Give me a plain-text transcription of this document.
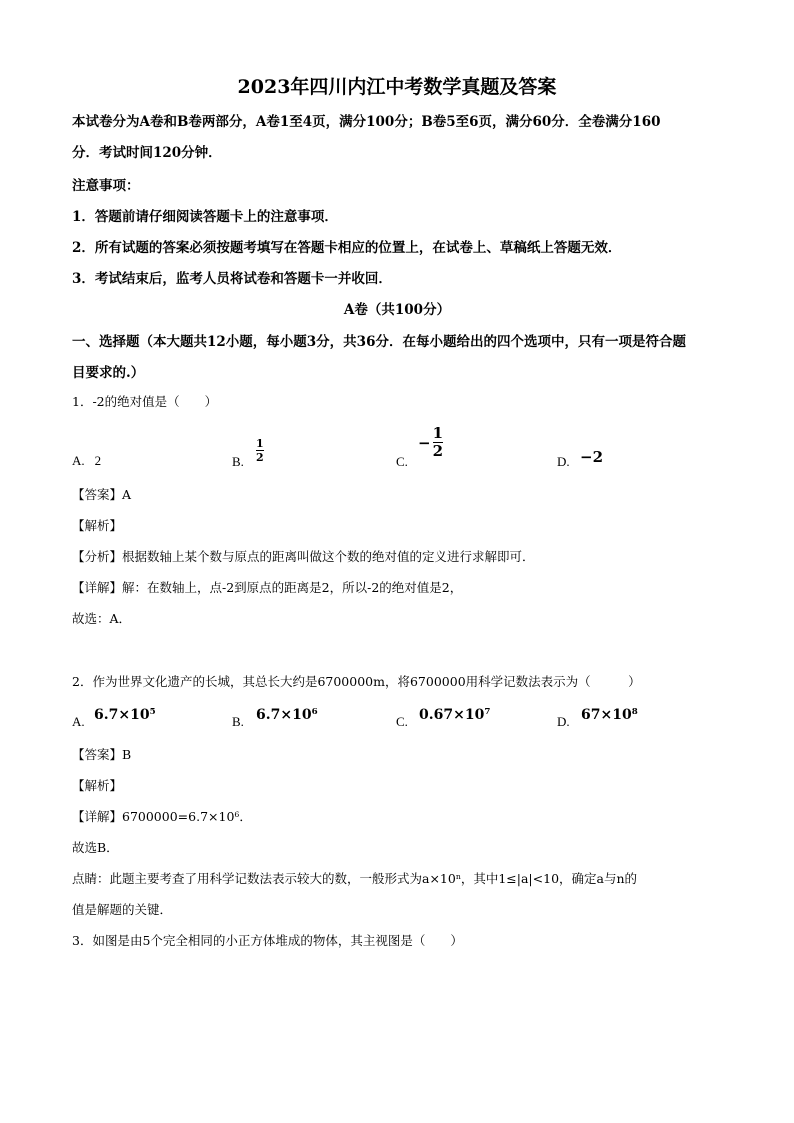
2023年四川内江中考数学真题及答案
本试卷分为A卷和B卷两部分，A卷1至4页，满分100分；B卷5至6页，满分60分．全卷满分160
分．考试时间120分钟．
注意事项：
1．答题前请仔细阅读答题卡上的注意事项．
2．所有试题的答案必须按题考填写在答题卡相应的位置上，在试卷上、草稿纸上答题无效．
3．考试结束后，监考人员将试卷和答题卡一并收回．
A卷（共100分）
一、选择题（本大题共12小题，每小题3分，共36分．在每小题给出的四个选项中，只有一项是符合题
目要求的.）
1．-2的绝对值是（　　）
A. 2	B. $\frac{1}{2}$	C.
− $\frac{1}{2}$
D. −2
【答案】A
【解析】
【分析】根据数轴上某个数与原点的距离叫做这个数的绝对值的定义进行求解即可．
【详解】解：在数轴上，点-2到原点的距离是2，所以-2的绝对值是2，
故选：A．
2．作为世界文化遗产的长城，其总长大约是6700000m，将6700000用科学记数法表示为（　　　）
A. $6.7\times 10^5$
B. $6.7\times 10^6$
C. $0.67\times 10^7$
D. $67\times 10^8$
【答案】B
【解析】
【详解】$6700000=6.7\times 10^6$．
故选B．
点睛：此题主要考查了用科学记数法表示较大的数，一般形式为$a\times 10^n$，其中1≤|a|<10，确定a与n的
值是解题的关键．
3．如图是由5个完全相同的小正方体堆成的物体，其主视图是（　　）
